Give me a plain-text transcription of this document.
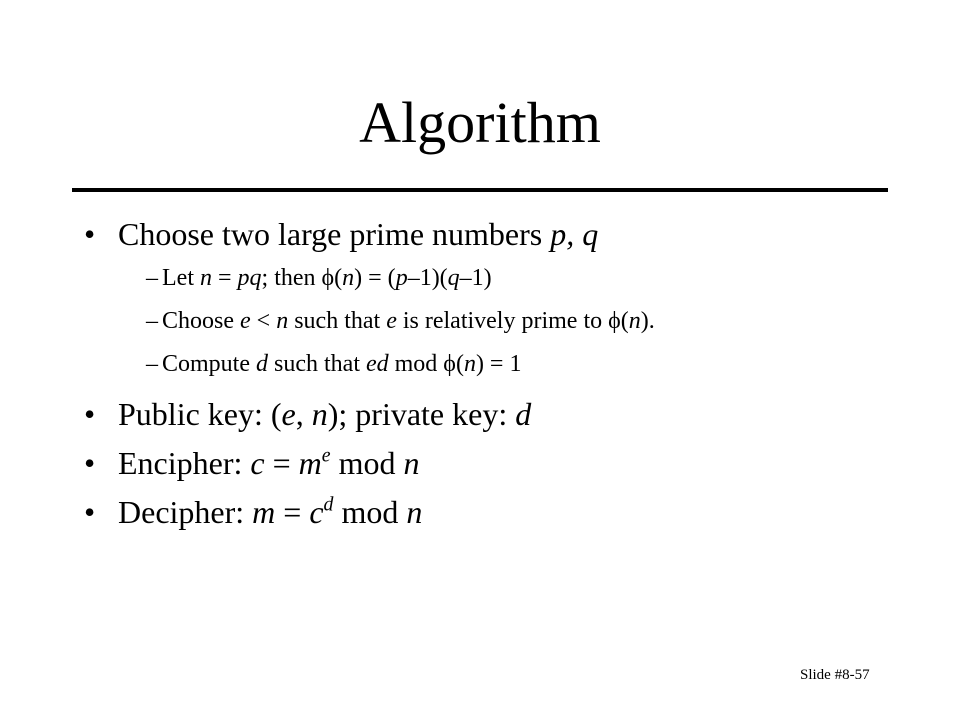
Algorithm
• Choose two large prime numbers p, q
– Let n = pq; then ϕ(n) = (p–1)(q–1)
– Choose e < n such that e is relatively prime to ϕ(n).
– Compute d such that ed mod ϕ(n) = 1
• Public key: (e, n); private key: d
• Encipher: $c = m^e$ mod n
• Decipher: $m = c^d$ mod n
Slide #8-57
